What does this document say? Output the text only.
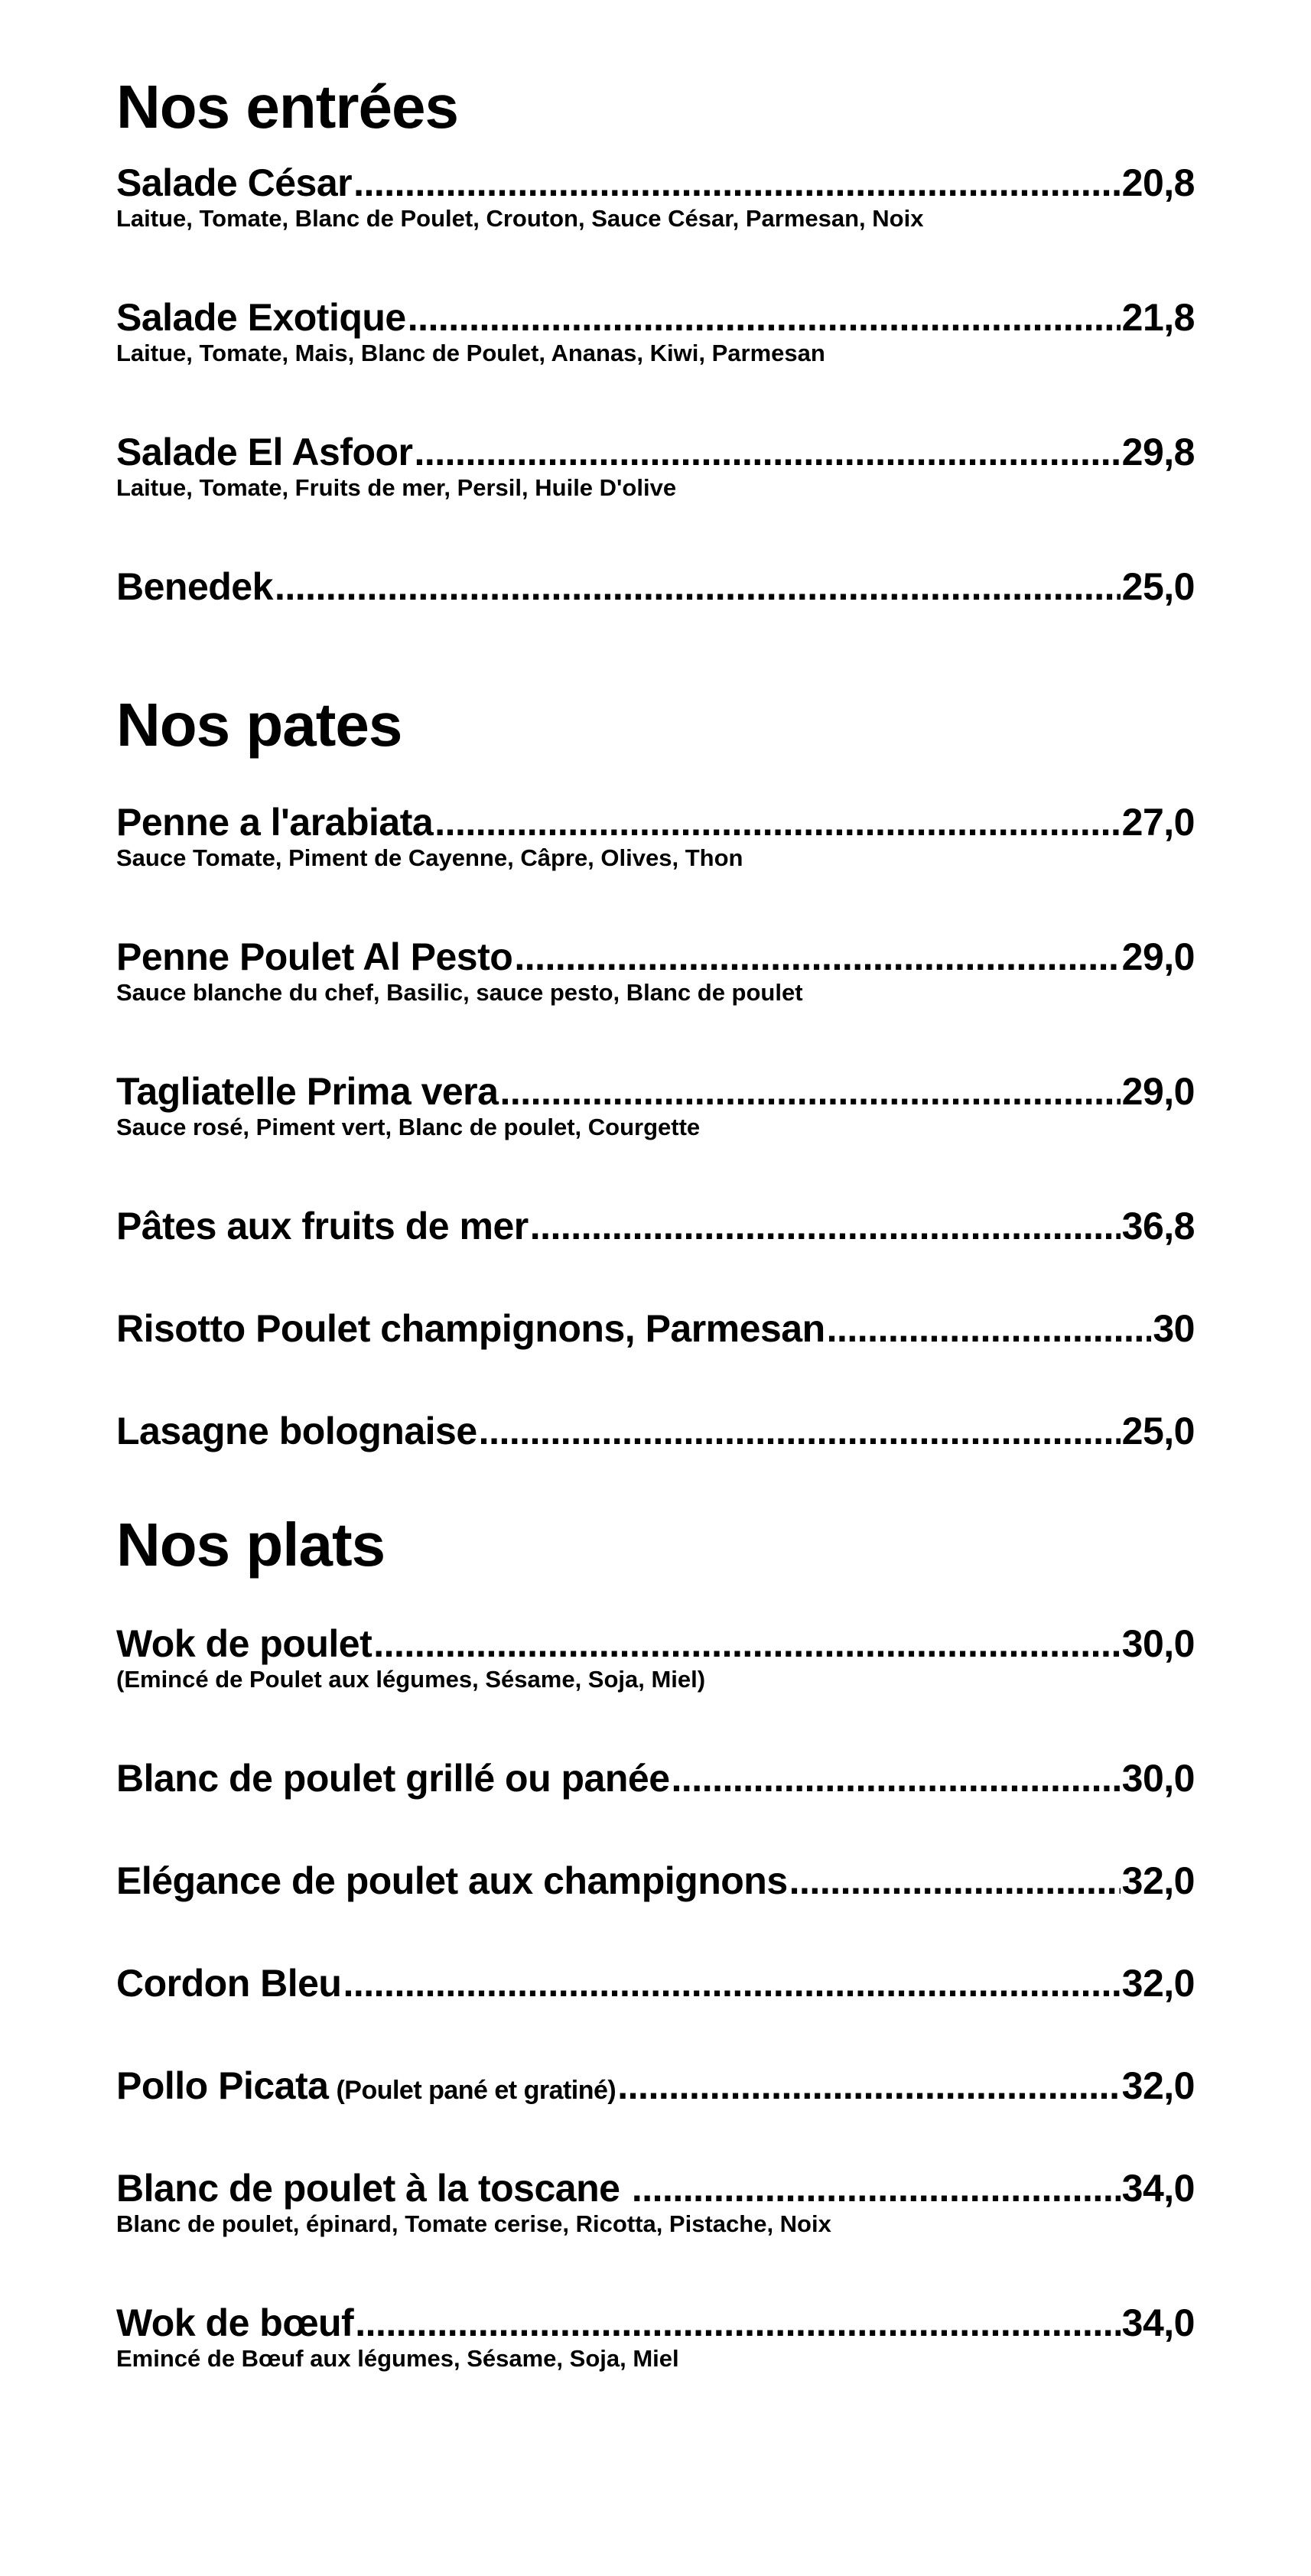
Nos entrées
Salade César .....	20,8
Laitue, Tomate, Blanc de Poulet, Crouton, Sauce César, Parmesan, Noix
Salade Exotique .....	21,8
Laitue, Tomate, Mais, Blanc de Poulet, Ananas, Kiwi, Parmesan
Salade El Asfoor .....	29,8
Laitue, Tomate, Fruits de mer, Persil, Huile D'olive
Benedek .....	25,0
Nos pates
Penne a l'arabiata .....	27,0
Sauce Tomate, Piment de Cayenne, Câpre, Olives, Thon
Penne Poulet Al Pesto .....	29,0
Sauce blanche du chef, Basilic, sauce pesto, Blanc de poulet
Tagliatelle Prima vera .....	29,0
Sauce rosé, Piment vert, Blanc de poulet, Courgette
Pâtes aux fruits de mer .....	36,8
Risotto Poulet champignons, Parmesan .....	30
Lasagne bolognaise .....	25,0
Nos plats
Wok de poulet .....	30,0
(Emincé de Poulet aux légumes, Sésame, Soja, Miel)
Blanc de poulet grillé ou panée .....	30,0
Elégance de poulet aux champignons .....	32,0
Cordon Bleu .....	32,0
Pollo Picata (Poulet pané et gratiné) .....	32,0
Blanc de poulet à la toscane .....	34,0
Blanc de poulet, épinard, Tomate cerise, Ricotta, Pistache, Noix
Wok de bœuf .....	34,0
Emincé de Bœuf aux légumes, Sésame, Soja, Miel
